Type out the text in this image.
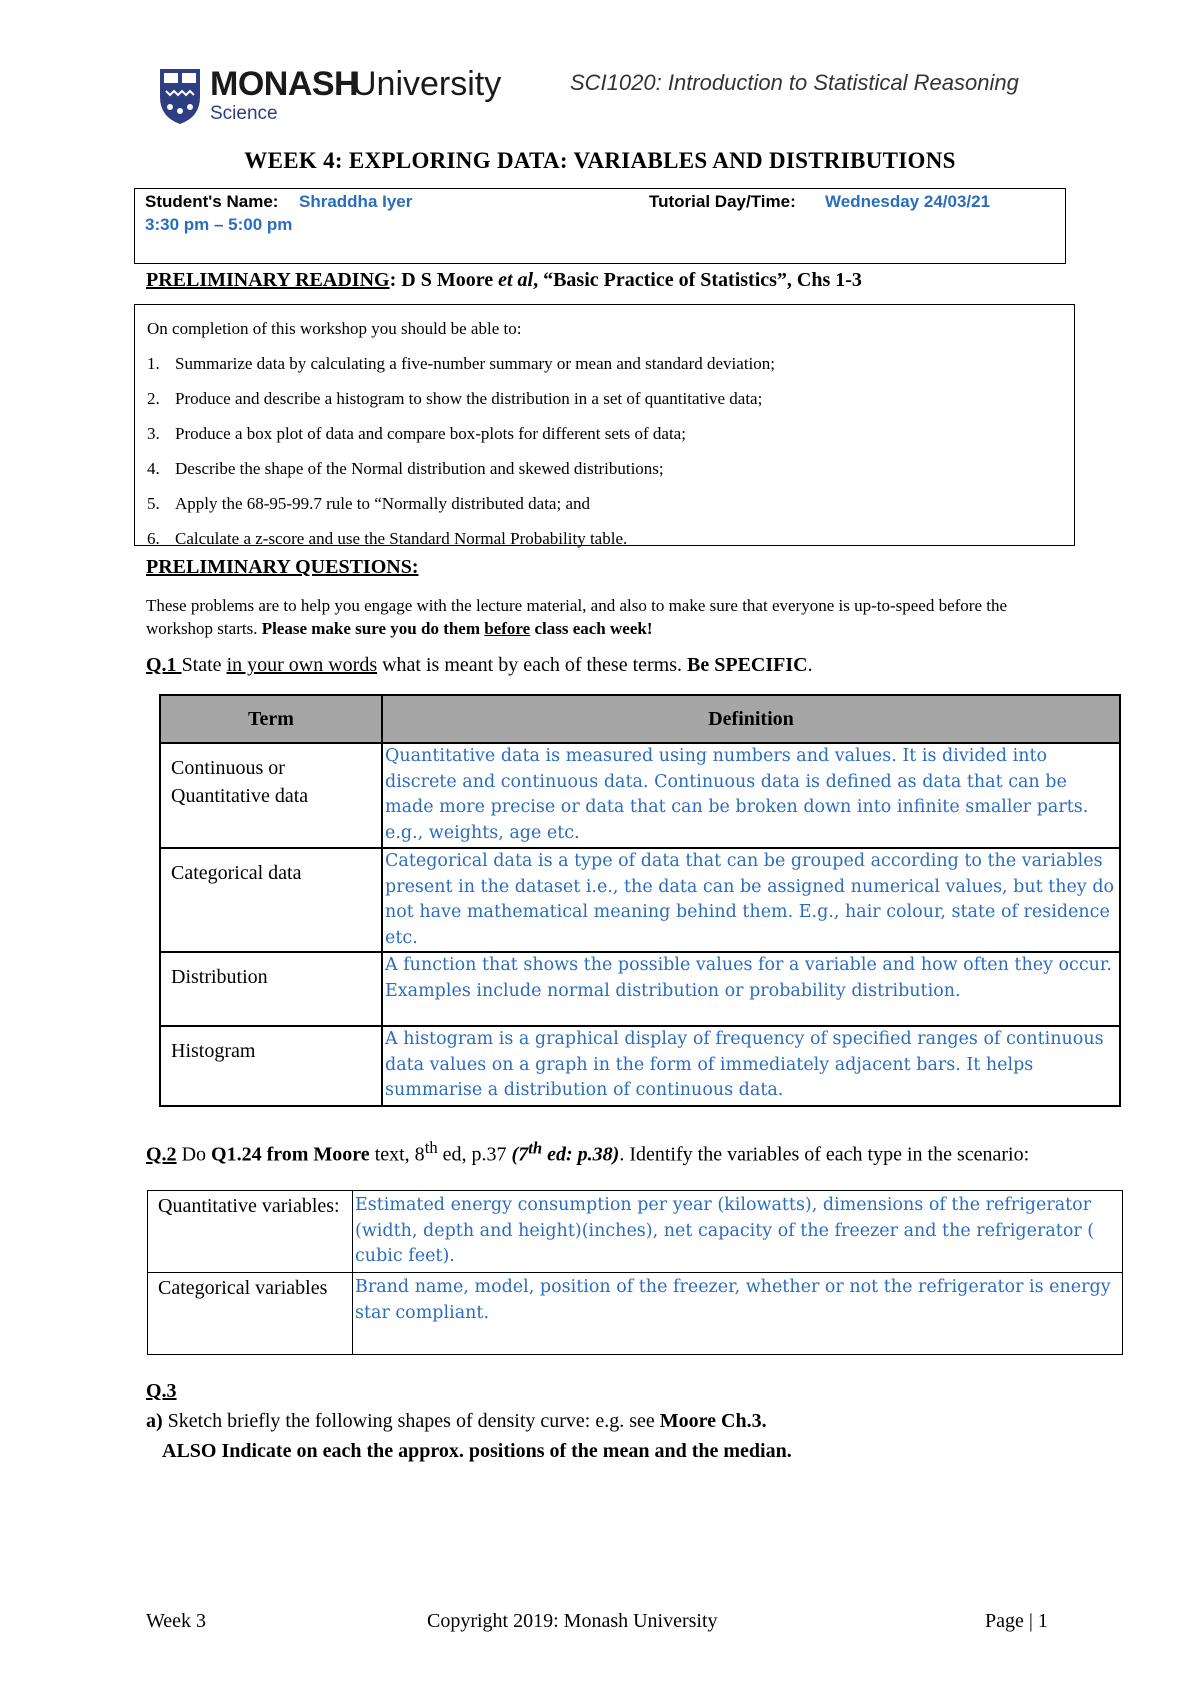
MONASH
University
Science
SCI1020: Introduction to Statistical Reasoning
WEEK 4: EXPLORING DATA: VARIABLES AND DISTRIBUTIONS
Student's Name: Shraddha Iyer	Tutorial Day/Time: Wednesday 24/03/21
3:30 pm – 5:00 pm
PRELIMINARY READING: D S Moore et al, “Basic Practice of Statistics”, Chs 1-3
On completion of this workshop you should be able to:
1. Summarize data by calculating a five-number summary or mean and standard deviation;
2. Produce and describe a histogram to show the distribution in a set of quantitative data;
3. Produce a box plot of data and compare box-plots for different sets of data;
4. Describe the shape of the Normal distribution and skewed distributions;
5. Apply the 68-95-99.7 rule to “Normally distributed data; and
6. Calculate a z-score and use the Standard Normal Probability table.
PRELIMINARY QUESTIONS:
These problems are to help you engage with the lecture material, and also to make sure that everyone is up-to-speed before the workshop starts. Please make sure you do them before class each week!
Q.1 State in your own words what is meant by each of these terms. Be SPECIFIC.
Term	Definition
Continuous or Quantitative data	Quantitative data is measured using numbers and values. It is divided into discrete and continuous data. Continuous data is defined as data that can be made more precise or data that can be broken down into infinite smaller parts. e.g., weights, age etc.
Categorical data	Categorical data is a type of data that can be grouped according to the variables present in the dataset i.e., the data can be assigned numerical values, but they do not have mathematical meaning behind them. E.g., hair colour, state of residence etc.
Distribution	A function that shows the possible values for a variable and how often they occur. Examples include normal distribution or probability distribution.
Histogram	A histogram is a graphical display of frequency of specified ranges of continuous data values on a graph in the form of immediately adjacent bars. It helps summarise a distribution of continuous data.
Q.2 Do Q1.24 from Moore text, 8th ed, p.37 (7th ed: p.38). Identify the variables of each type in the scenario:
Quantitative variables:	Estimated energy consumption per year (kilowatts), dimensions of the refrigerator (width, depth and height)(inches), net capacity of the freezer and the refrigerator ( cubic feet).
Categorical variables	Brand name, model, position of the freezer, whether or not the refrigerator is energy star compliant.
Q.3
a) Sketch briefly the following shapes of density curve: e.g. see Moore Ch.3.
ALSO Indicate on each the approx. positions of the mean and the median.
Week 3	Copyright 2019: Monash University	Page | 1
